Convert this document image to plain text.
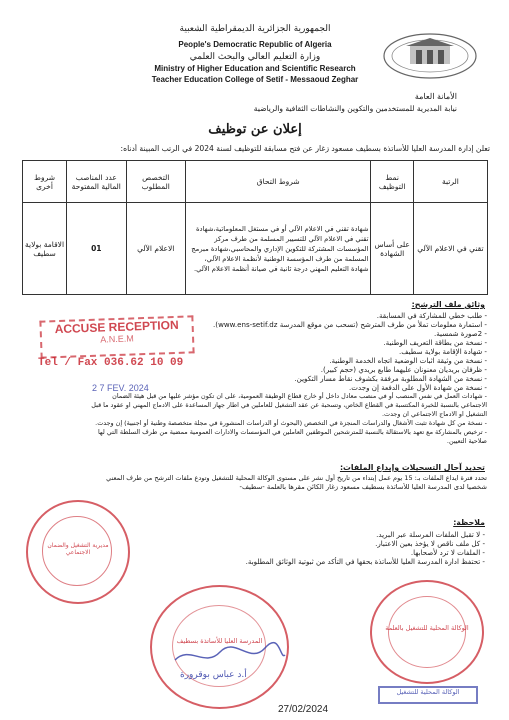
الجمهورية الجزائرية الديمقراطية الشعبية
People's Democratic Republic of Algeria
وزارة التعليم العالي والبحث العلمي
Ministry of Higher Education and Scientific Research
Teacher Education College of Setif - Messaoud Zeghar
الأمانة العامة
نيابة المديرية للمستخدمين والتكوين والنشاطات الثقافية والرياضية
إعلان عن توظيف
تعلن إدارة المدرسة العليا للأساتذة بسطيف مسعود زغار عن فتح مسابقة للتوظيف لسنة 2024 في الرتب المبينة أدناه:
الرتبة	نمط التوظيف	شروط التحاق	التخصص المطلوب	عدد المناصب المالية المفتوحة	شروط أخرى
تقني في الاعلام الآلي	على أساس الشهادة	شهادة تقني في الاعلام الآلي أو في مستغل المعلوماتية،شهادة
تقني في الاعلام الآلي للتسيير المسلمة من طرف مركز
المؤسسات المشتركة للتكوين الإداري والمحاسبي،شهادة مبرمج
المسلمة من طرف المؤسسة الوطنية لأنظمة الاعلام الآلي،
شهادة التعليم المهني درجة ثانية في صيانة أنظمة الاعلام الآلي.	الاعلام الآلي	01	الاقامة بولاية سطيف
وثائق ملف الترشح:
- طلب خطي للمشاركة في المسابقة.
- استمارة معلومات تملأ من طرف المترشح (تسحب من موقع المدرسة www.ens-setif.dz).
- 2صورة شمسية.
- نسخة من بطاقة التعريف الوطنية.
- شهادة الإقامة بولاية سطيف.
- نسخة من وثيقة اثبات الوضعية اتجاه الخدمة الوطنية.
- ظرفان بريديان معنونان عليهما طابع بريدي (حجم كبير).
- نسخة من الشهادة المطلوبة مرفقة بكشوف نقاط مسار التكوين.
- نسخة من شهادة الأول على الدفعة إن وجدت.
- شهادات العمل في نفس المنصب أو في منصب معادل داخل أو خارج قطاع الوظيفة العمومية، على ان تكون مؤشر عليها من قبل هيئة الضمان
الاجتماعي بالنسبة للخبرة المكتسبة في القطاع الخاص، وتسحبة عن عقد التشغيل للعاملين في اطار جهاز المساعدة على الادماج المهني او عقود ما قبل
التشغيل او الادماج الاجتماعي ان وجدت.
- نسخة من كل شهادة تثبت الأشغال والدراسات المنجزة في التخصص (البحوث أو الدراسات المنشورة في مجلة متخصصة وطنية أو اجنبية) إن وجدت.
- ترخيص بالمشاركة مع تعهد بالاستقالة بالنسبة للمترشحين الموظفين العاملين في المؤسسات والادارات العمومية ممضية من طرف السلطة التي لها
صلاحية التعيين.
تحديد آجال التسجيلات وإيداع الملفات:
تحدد فترة ايداع الملفات بـ: 15 يوم عمل إبتداء من تاريخ أول نشر على مستوى الوكالة المحلية للتشغيل وتودع ملفات الترشح من طرف المعني
شخصيا لدى المدرسة العليا للأساتذة بسطيف مسعود زغار الكائن مقرها بالعلمة -سطيف-
ملاحظة:
- لا تقبل الملفات المرسلة عبر البريد.
- كل ملف ناقص لا يؤخذ بعين الاعتبار.
- الملفات لا ترد لأصحابها.
- تحتفظ ادارة المدرسة العليا للأساتذة بحقها في التأكد من ثبوتية الوثائق المطلوبة.
ACCUSE RECEPTION
A.N.E.M
Tel / Fax 036.62 10 09
2 7 FEV. 2024
مديرية التشغيل والضمان الاجتماعي
المدرسة العليا للأساتذة بسطيف
أ.د عباس بوقرورة
الوكالة المحلية للتشغيل بالعلمة
الوكالة المحلية للتشغيل
27/02/2024
